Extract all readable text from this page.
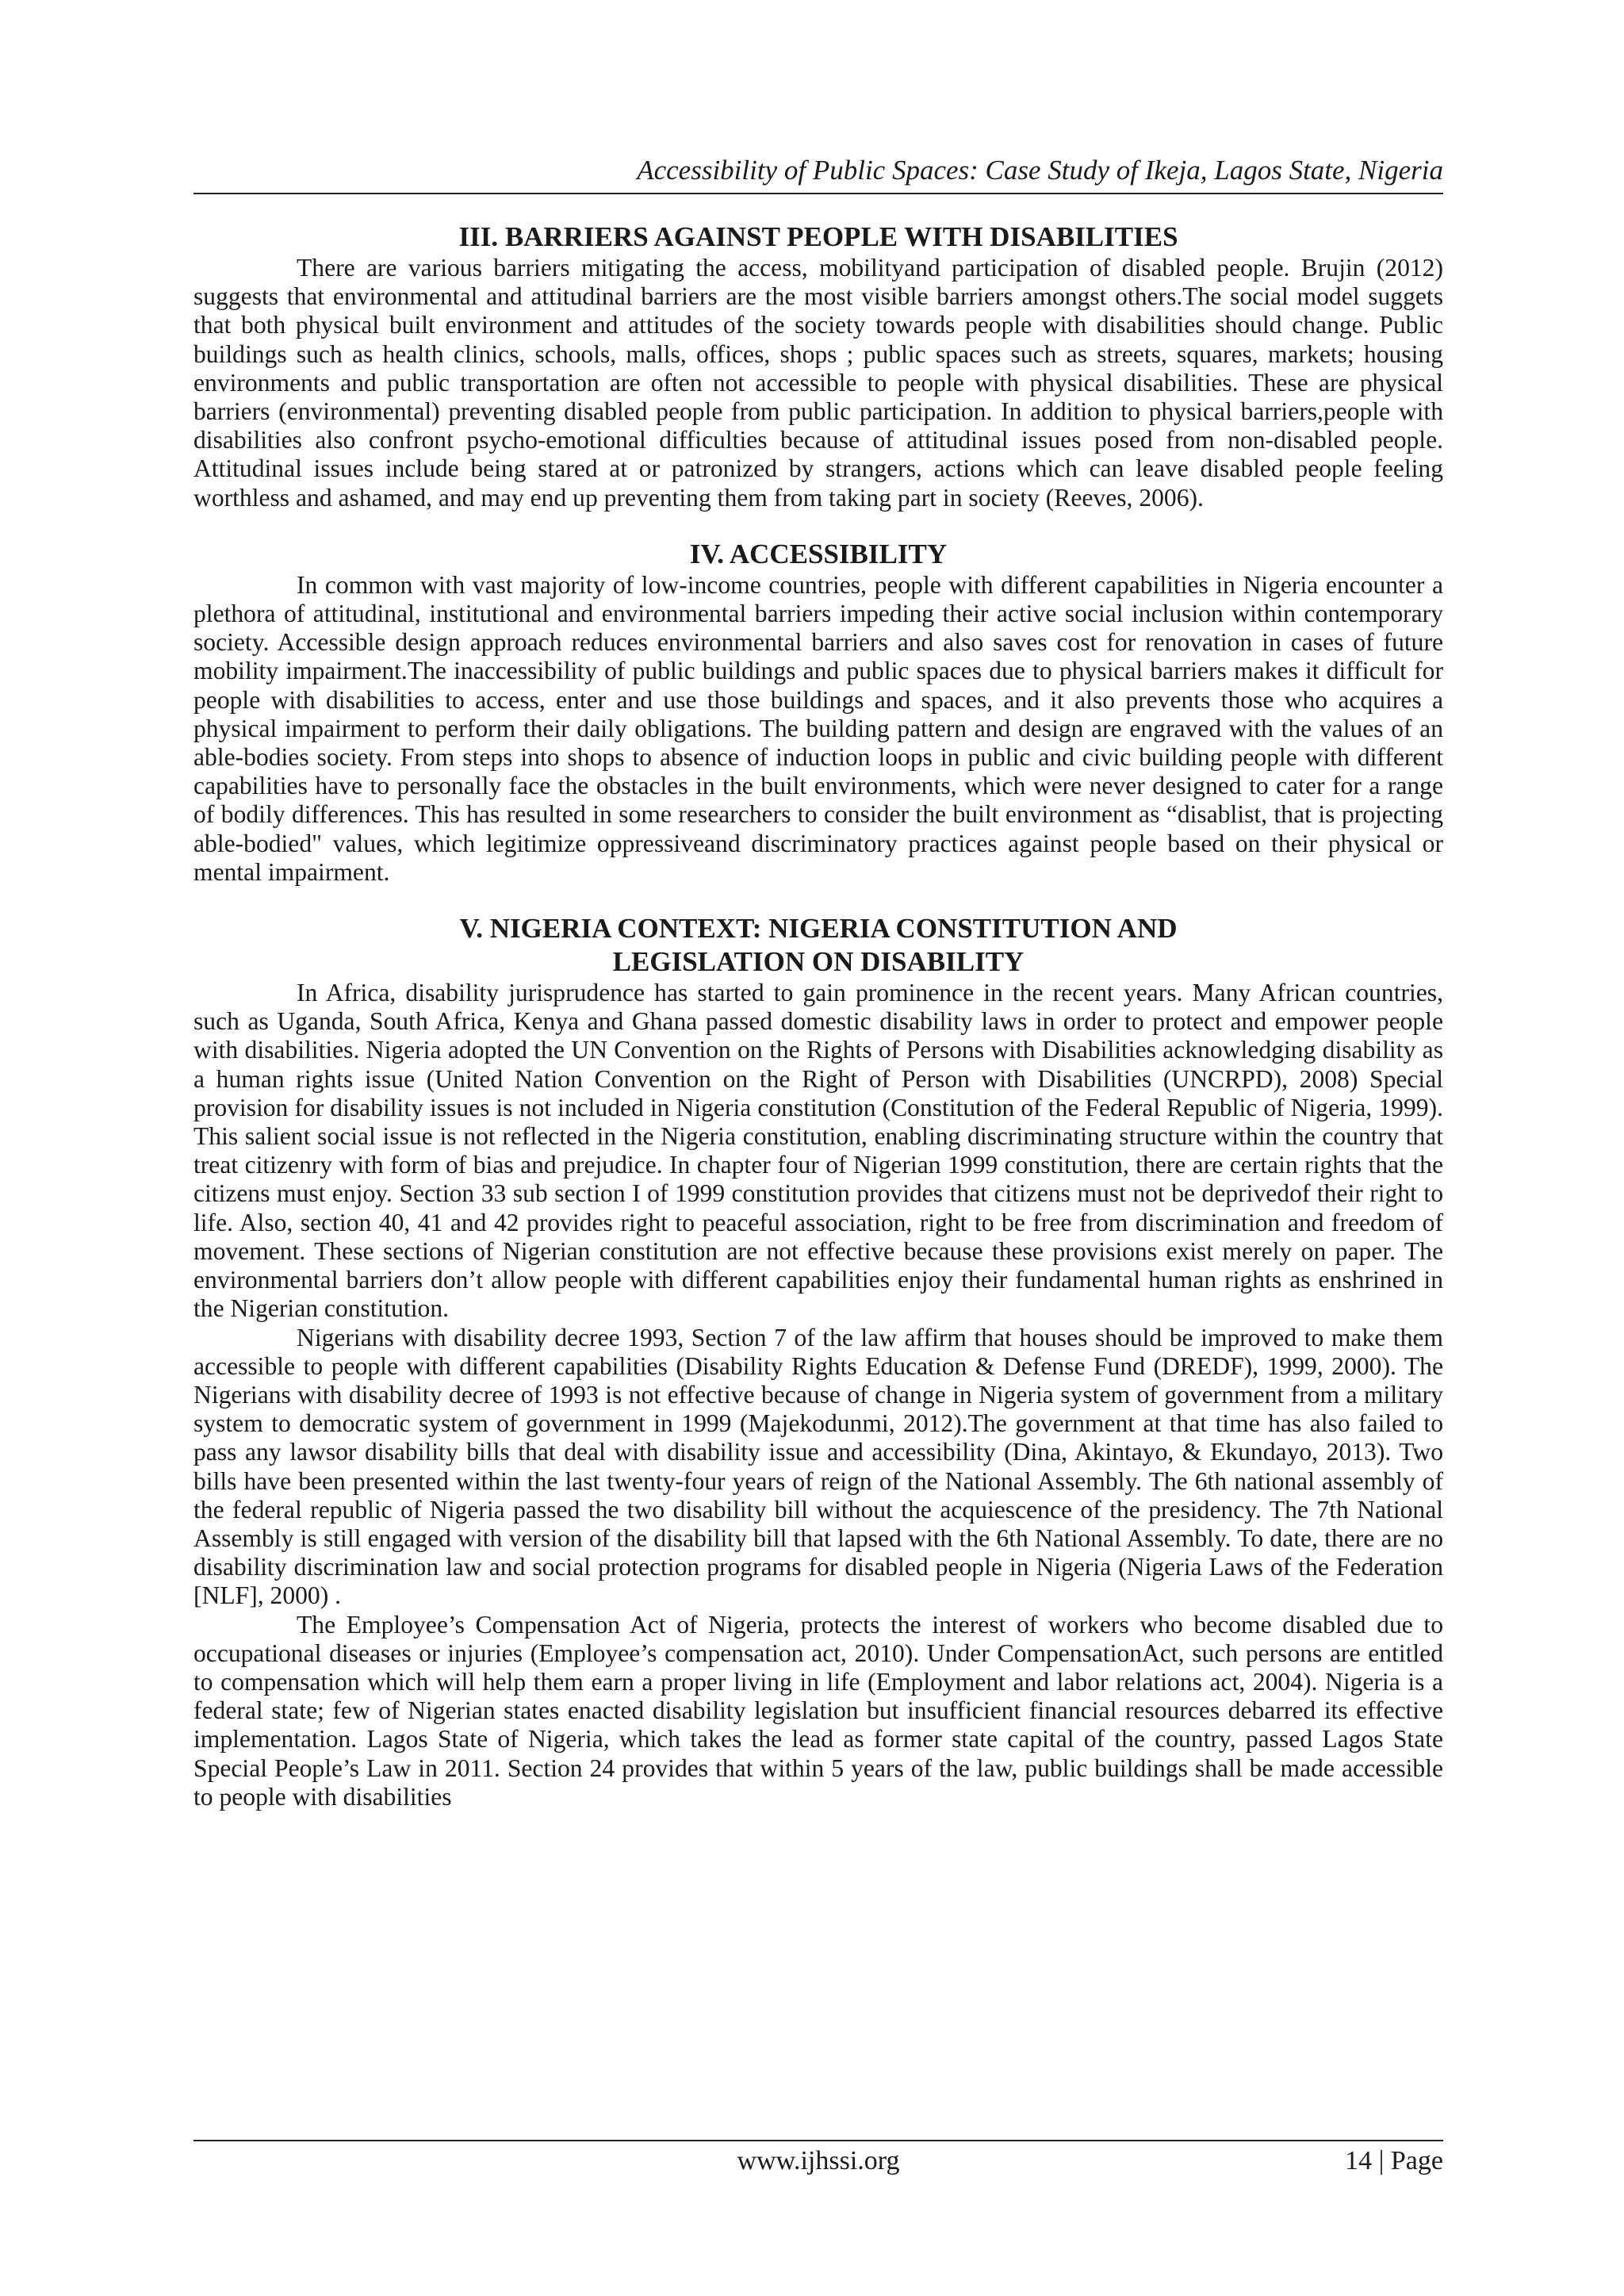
Accessibility of Public Spaces: Case Study of Ikeja, Lagos State, Nigeria
III. BARRIERS AGAINST PEOPLE WITH DISABILITIES

There are various barriers mitigating the access, mobilityand participation of disabled people. Brujin (2012) suggests that environmental and attitudinal barriers are the most visible barriers amongst others.The social model suggets that both physical built environment and attitudes of the society towards people with disabilities should change. Public buildings such as health clinics, schools, malls, offices, shops ; public spaces such as streets, squares, markets; housing environments and public transportation are often not accessible to people with physical disabilities. These are physical barriers (environmental) preventing disabled people from public participation. In addition to physical barriers,people with disabilities also confront psycho-emotional difficulties because of attitudinal issues posed from non-disabled people. Attitudinal issues include being stared at or patronized by strangers, actions which can leave disabled people feeling worthless and ashamed, and may end up preventing them from taking part in society (Reeves, 2006).

IV. ACCESSIBILITY

In common with vast majority of low-income countries, people with different capabilities in Nigeria encounter a plethora of attitudinal, institutional and environmental barriers impeding their active social inclusion within contemporary society. Accessible design approach reduces environmental barriers and also saves cost for renovation in cases of future mobility impairment.The inaccessibility of public buildings and public spaces due to physical barriers makes it difficult for people with disabilities to access, enter and use those buildings and spaces, and it also prevents those who acquires a physical impairment to perform their daily obligations. The building pattern and design are engraved with the values of an able-bodies society. From steps into shops to absence of induction loops in public and civic building people with different capabilities have to personally face the obstacles in the built environments, which were never designed to cater for a range of bodily differences. This has resulted in some researchers to consider the built environment as “disablist, that is projecting able-bodied" values, which legitimize oppressiveand discriminatory practices against people based on their physical or mental impairment.

V. NIGERIA CONTEXT: NIGERIA CONSTITUTION AND LEGISLATION ON DISABILITY

In Africa, disability jurisprudence has started to gain prominence in the recent years. Many African countries, such as Uganda, South Africa, Kenya and Ghana passed domestic disability laws in order to protect and empower people with disabilities. Nigeria adopted the UN Convention on the Rights of Persons with Disabilities acknowledging disability as a human rights issue (United Nation Convention on the Right of Person with Disabilities (UNCRPD), 2008) Special provision for disability issues is not included in Nigeria constitution (Constitution of the Federal Republic of Nigeria, 1999). This salient social issue is not reflected in the Nigeria constitution, enabling discriminating structure within the country that treat citizenry with form of bias and prejudice. In chapter four of Nigerian 1999 constitution, there are certain rights that the citizens must enjoy. Section 33 sub section I of 1999 constitution provides that citizens must not be deprivedof their right to life. Also, section 40, 41 and 42 provides right to peaceful association, right to be free from discrimination and freedom of movement. These sections of Nigerian constitution are not effective because these provisions exist merely on paper. The environmental barriers don’t allow people with different capabilities enjoy their fundamental human rights as enshrined in the Nigerian constitution.

Nigerians with disability decree 1993, Section 7 of the law affirm that houses should be improved to make them accessible to people with different capabilities (Disability Rights Education & Defense Fund (DREDF), 1999, 2000). The Nigerians with disability decree of 1993 is not effective because of change in Nigeria system of government from a military system to democratic system of government in 1999 (Majekodunmi, 2012).The government at that time has also failed to pass any lawsor disability bills that deal with disability issue and accessibility (Dina, Akintayo, & Ekundayo, 2013). Two bills have been presented within the last twenty-four years of reign of the National Assembly. The 6th national assembly of the federal republic of Nigeria passed the two disability bill without the acquiescence of the presidency. The 7th National Assembly is still engaged with version of the disability bill that lapsed with the 6th National Assembly. To date, there are no disability discrimination law and social protection programs for disabled people in Nigeria (Nigeria Laws of the Federation [NLF], 2000) .

The Employee’s Compensation Act of Nigeria, protects the interest of workers who become disabled due to occupational diseases or injuries (Employee’s compensation act, 2010). Under CompensationAct, such persons are entitled to compensation which will help them earn a proper living in life (Employment and labor relations act, 2004). Nigeria is a federal state; few of Nigerian states enacted disability legislation but insufficient financial resources debarred its effective implementation. Lagos State of Nigeria, which takes the lead as former state capital of the country, passed Lagos State Special People’s Law in 2011. Section 24 provides that within 5 years of the law, public buildings shall be made accessible to people with disabilities

www.ijhssi.org	14 | Page
